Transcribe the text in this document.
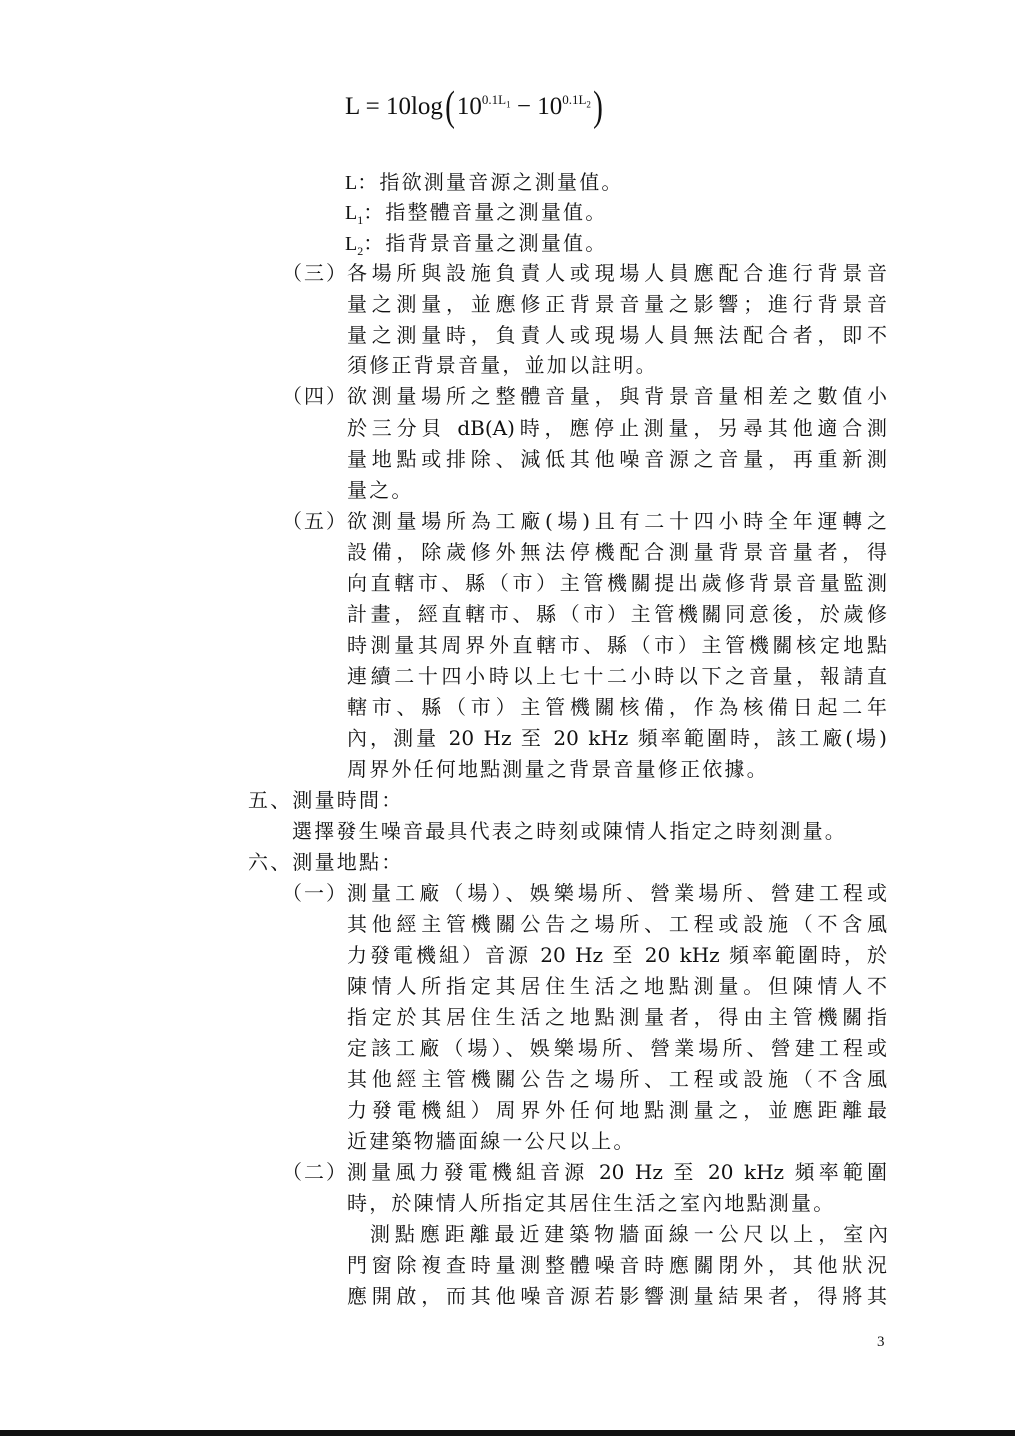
L = 10log ( 10 $^{0.1L_1}$ − 10 $^{0.1L_2}$ )
L：指欲測量音源之測量值。
$L_1$：指整體音量之測量值。
$L_2$：指背景音量之測量值。
（三） 各場所與設施負責人或現場人員應配合進行背景音
量之測量，並應修正背景音量之影響；進行背景音
量之測量時，負責人或現場人員無法配合者，即不
須修正背景音量，並加以註明。
（四） 欲測量場所之整體音量，與背景音量相差之數值小
於三分貝 dB(A)時，應停止測量，另尋其他適合測
量地點或排除、減低其他噪音源之音量，再重新測
量之。
（五） 欲測量場所為工廠(場)且有二十四小時全年運轉之
設備，除歲修外無法停機配合測量背景音量者，得
向直轄市、縣（市）主管機關提出歲修背景音量監測
計畫，經直轄市、縣（市）主管機關同意後，於歲修
時測量其周界外直轄市、縣（市）主管機關核定地點
連續二十四小時以上七十二小時以下之音量，報請直
轄市、縣（市）主管機關核備，作為核備日起二年
內，測量 20 Hz 至 20 kHz 頻率範圍時，該工廠(場)
周界外任何地點測量之背景音量修正依據。
五、測量時間：
選擇發生噪音最具代表之時刻或陳情人指定之時刻測量。
六、測量地點：
（一） 測量工廠（場）、娛樂場所、營業場所、營建工程或
其他經主管機關公告之場所、工程或設施（不含風
力發電機組）音源 20 Hz 至 20 kHz 頻率範圍時，於
陳情人所指定其居住生活之地點測量。但陳情人不
指定於其居住生活之地點測量者，得由主管機關指
定該工廠（場）、娛樂場所、營業場所、營建工程或
其他經主管機關公告之場所、工程或設施（不含風
力發電機組）周界外任何地點測量之，並應距離最
近建築物牆面線一公尺以上。
（二） 測量風力發電機組音源 20 Hz 至 20 kHz 頻率範圍
時，於陳情人所指定其居住生活之室內地點測量。
測點應距離最近建築物牆面線一公尺以上，室內
門窗除複查時量測整體噪音時應關閉外，其他狀況
應開啟，而其他噪音源若影響測量結果者，得將其
3
